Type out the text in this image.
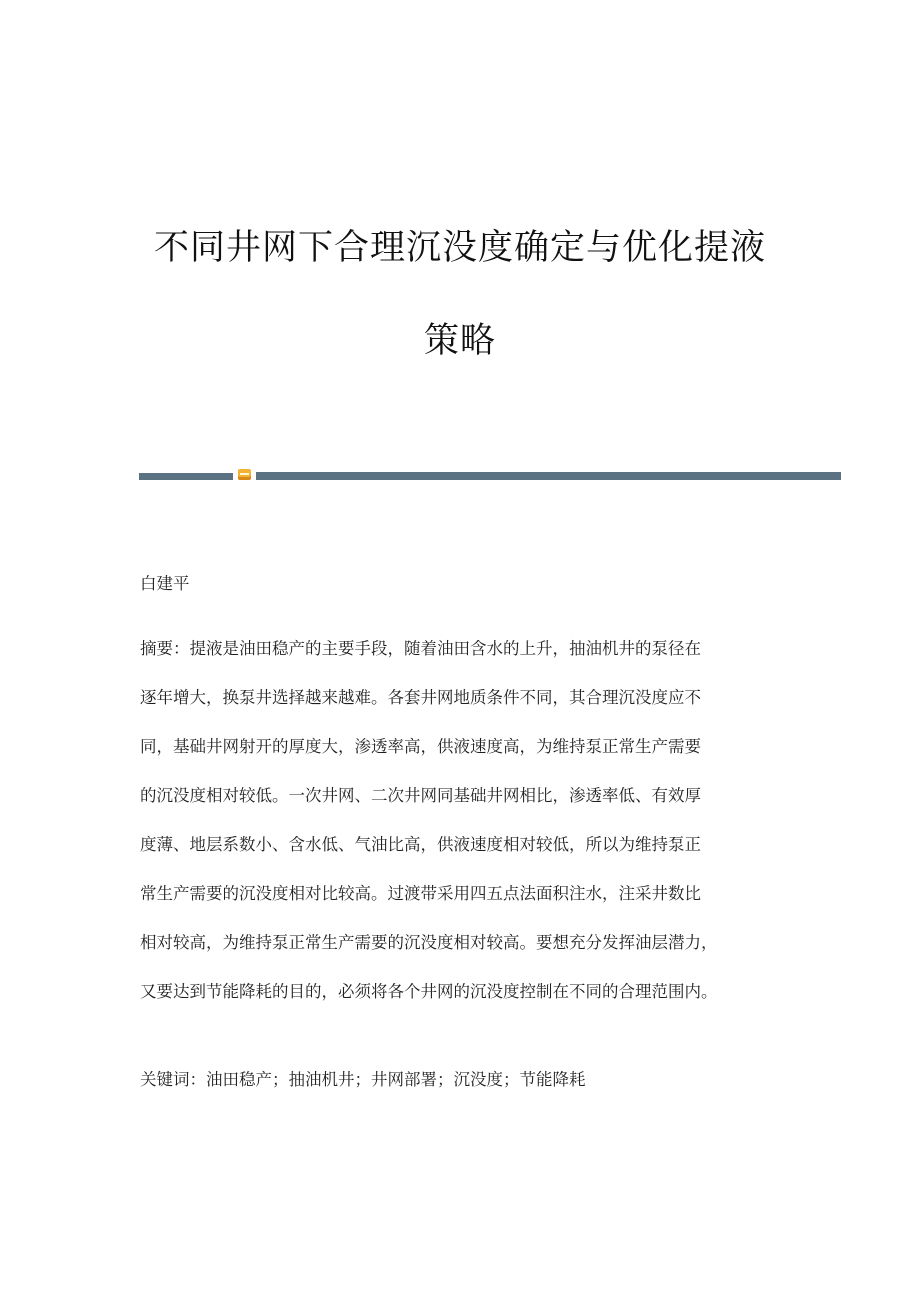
不同井网下合理沉没度确定与优化提液
策略

白建平

摘要：提液是油田稳产的主要手段，随着油田含水的上升，抽油机井的泵径在
逐年增大，换泵井选择越来越难。各套井网地质条件不同，其合理沉没度应不
同，基础井网射开的厚度大，渗透率高，供液速度高，为维持泵正常生产需要
的沉没度相对较低。一次井网、二次井网同基础井网相比，渗透率低、有效厚
度薄、地层系数小、含水低、气油比高，供液速度相对较低，所以为维持泵正
常生产需要的沉没度相对比较高。过渡带采用四五点法面积注水，注采井数比
相对较高，为维持泵正常生产需要的沉没度相对较高。要想充分发挥油层潜力，
又要达到节能降耗的目的，必须将各个井网的沉没度控制在不同的合理范围内。

关键词：油田稳产；抽油机井；井网部署；沉没度；节能降耗
